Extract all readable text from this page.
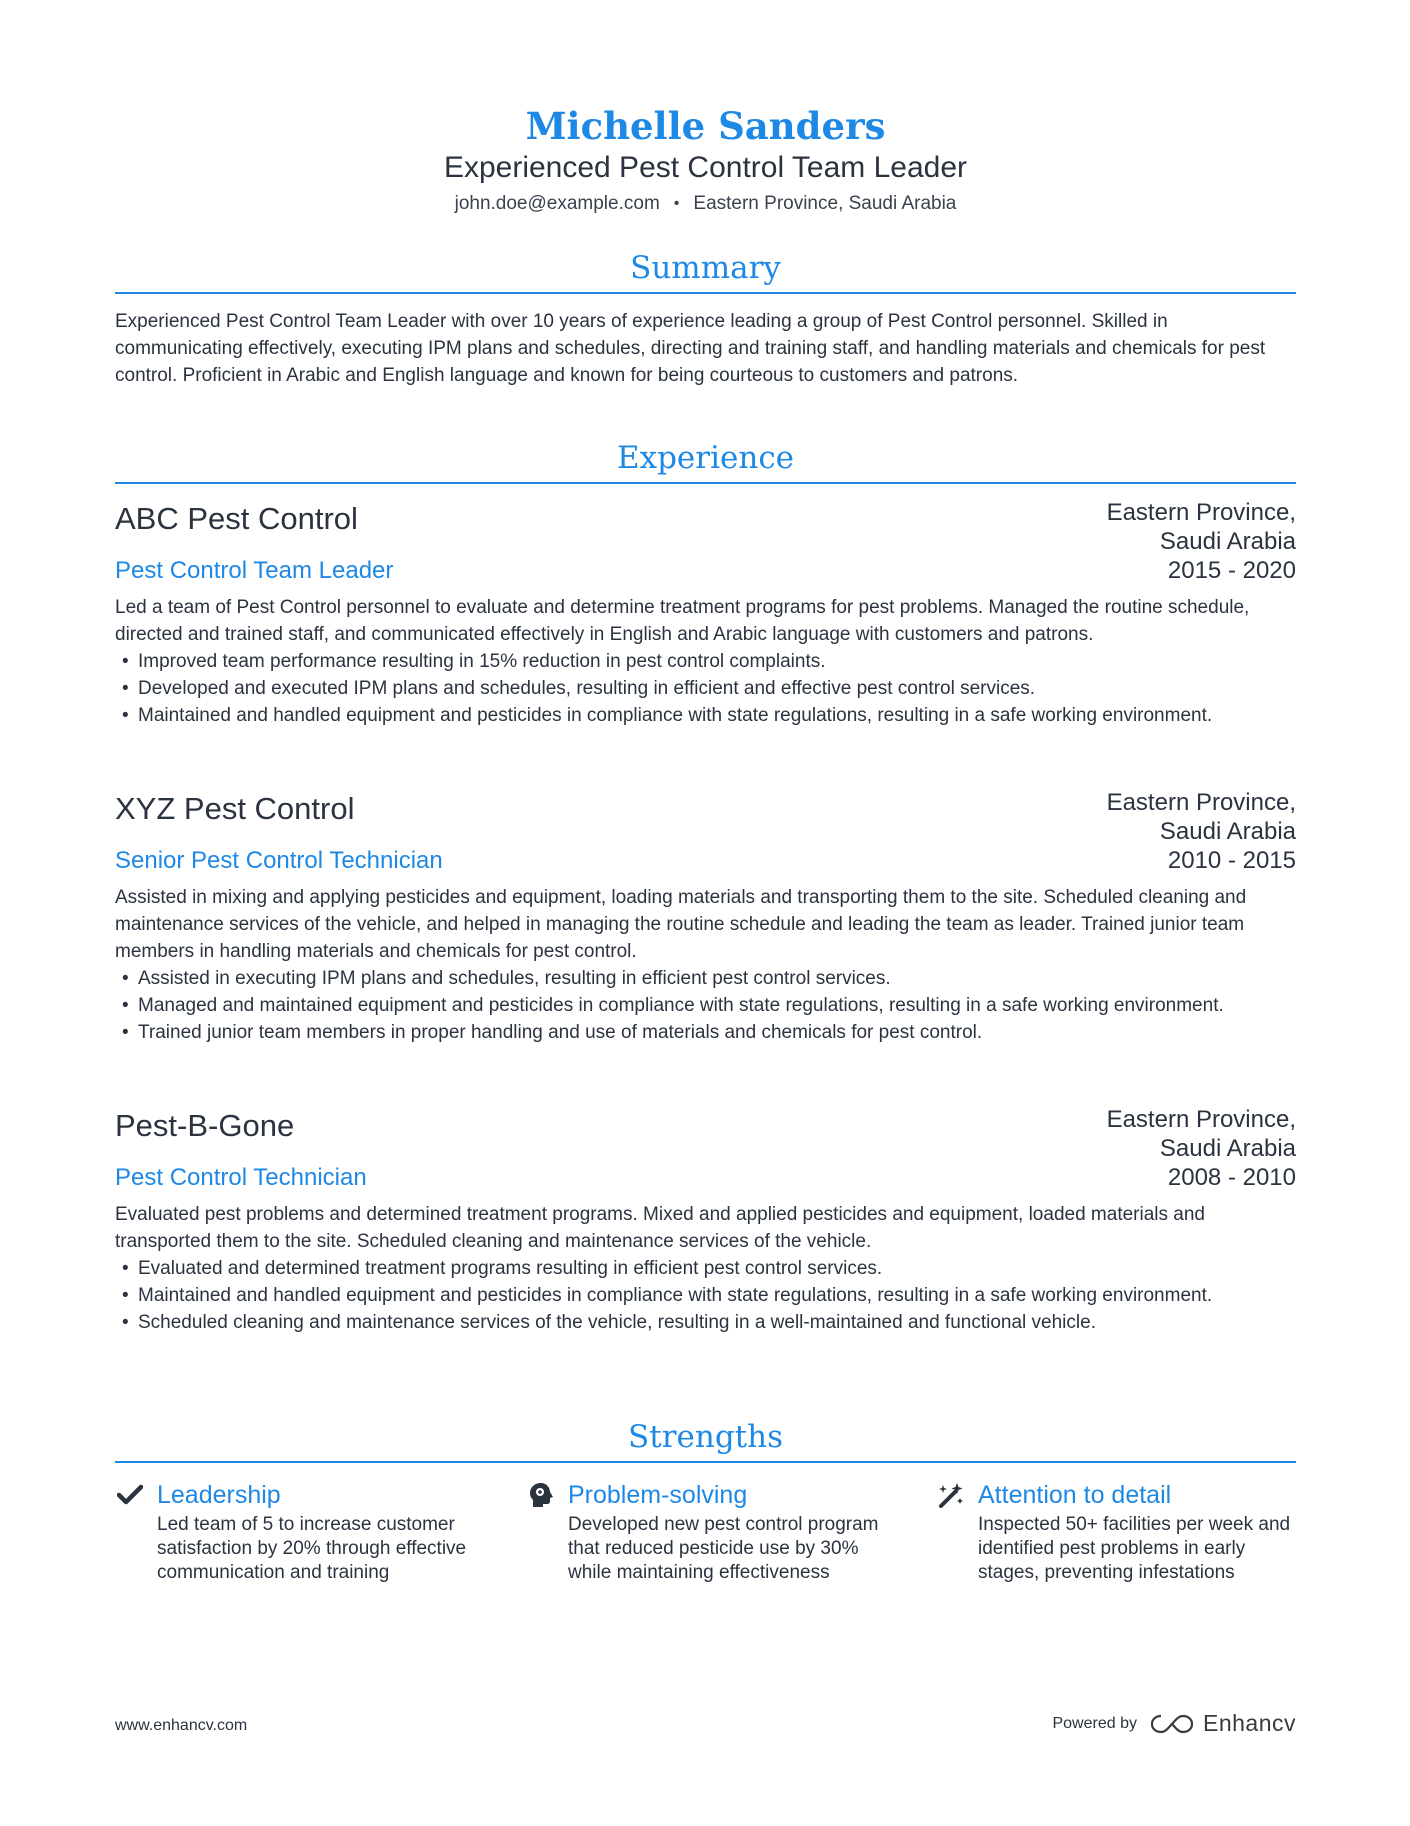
Michelle Sanders
Experienced Pest Control Team Leader
john.doe@example.com • Eastern Province, Saudi Arabia
Summary

Experienced Pest Control Team Leader with over 10 years of experience leading a group of Pest Control personnel. Skilled in communicating effectively, executing IPM plans and schedules, directing and training staff, and handling materials and chemicals for pest control. Proficient in Arabic and English language and known for being courteous to customers and patrons.

Experience
ABC Pest Control	Eastern Province,
Saudi Arabia
Pest Control Team Leader	2015 - 2020

Led a team of Pest Control personnel to evaluate and determine treatment programs for pest problems. Managed the routine schedule, directed and trained staff, and communicated effectively in English and Arabic language with customers and patrons.

• Improved team performance resulting in 15% reduction in pest control complaints.
• Developed and executed IPM plans and schedules, resulting in efficient and effective pest control services.
• Maintained and handled equipment and pesticides in compliance with state regulations, resulting in a safe working environment.
XYZ Pest Control	Eastern Province,
Saudi Arabia
Senior Pest Control Technician	2010 - 2015

Assisted in mixing and applying pesticides and equipment, loading materials and transporting them to the site. Scheduled cleaning and maintenance services of the vehicle, and helped in managing the routine schedule and leading the team as leader. Trained junior team members in handling materials and chemicals for pest control.

• Assisted in executing IPM plans and schedules, resulting in efficient pest control services.
• Managed and maintained equipment and pesticides in compliance with state regulations, resulting in a safe working environment.
• Trained junior team members in proper handling and use of materials and chemicals for pest control.
Pest-B-Gone	Eastern Province,
Saudi Arabia
Pest Control Technician	2008 - 2010

Evaluated pest problems and determined treatment programs. Mixed and applied pesticides and equipment, loaded materials and transported them to the site. Scheduled cleaning and maintenance services of the vehicle.

• Evaluated and determined treatment programs resulting in efficient pest control services.
• Maintained and handled equipment and pesticides in compliance with state regulations, resulting in a safe working environment.
• Scheduled cleaning and maintenance services of the vehicle, resulting in a well-maintained and functional vehicle.
Strengths
Leadership
Led team of 5 to increase customer satisfaction by 20% through effective communication and training
Problem-solving
Developed new pest control program that reduced pesticide use by 30% while maintaining effectiveness
Attention to detail
Inspected 50+ facilities per week and identified pest problems in early stages, preventing infestations
www.enhancv.com	Powered by	Enhancv
